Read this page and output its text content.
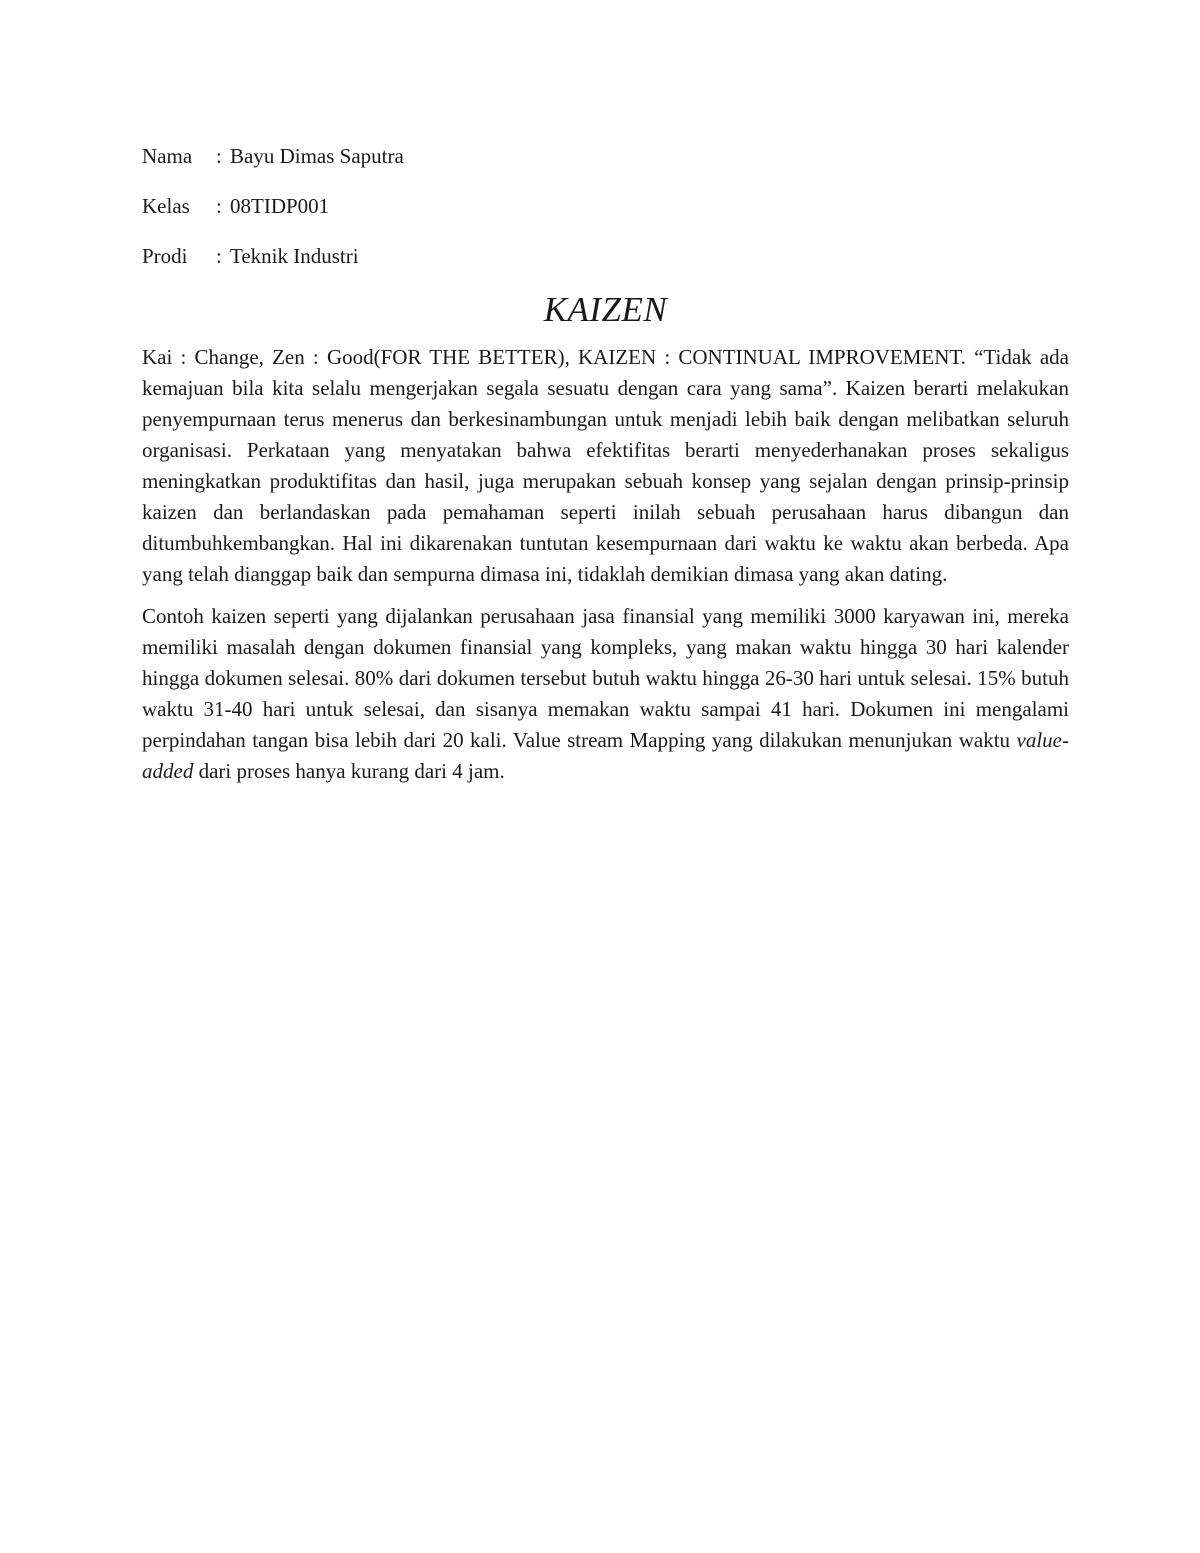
Nama	: Bayu Dimas Saputra
Kelas	: 08TIDP001
Prodi	: Teknik Industri
KAIZEN

Kai : Change, Zen : Good(FOR THE BETTER), KAIZEN : CONTINUAL IMPROVEMENT. “Tidak ada kemajuan bila kita selalu mengerjakan segala sesuatu dengan cara yang sama”. Kaizen berarti melakukan penyempurnaan terus menerus dan berkesinambungan untuk menjadi lebih baik dengan melibatkan seluruh organisasi. Perkataan yang menyatakan bahwa efektifitas berarti menyederhanakan proses sekaligus meningkatkan produktifitas dan hasil, juga merupakan sebuah konsep yang sejalan dengan prinsip-prinsip kaizen dan berlandaskan pada pemahaman seperti inilah sebuah perusahaan harus dibangun dan ditumbuhkembangkan. Hal ini dikarenakan tuntutan kesempurnaan dari waktu ke waktu akan berbeda. Apa yang telah dianggap baik dan sempurna dimasa ini, tidaklah demikian dimasa yang akan dating.

Contoh kaizen seperti yang dijalankan perusahaan jasa finansial yang memiliki 3000 karyawan ini, mereka memiliki masalah dengan dokumen finansial yang kompleks, yang makan waktu hingga 30 hari kalender hingga dokumen selesai. 80% dari dokumen tersebut butuh waktu hingga 26-30 hari untuk selesai. 15% butuh waktu 31-40 hari untuk selesai, dan sisanya memakan waktu sampai 41 hari. Dokumen ini mengalami perpindahan tangan bisa lebih dari 20 kali. Value stream Mapping yang dilakukan menunjukan waktu value-added dari proses hanya kurang dari 4 jam.
